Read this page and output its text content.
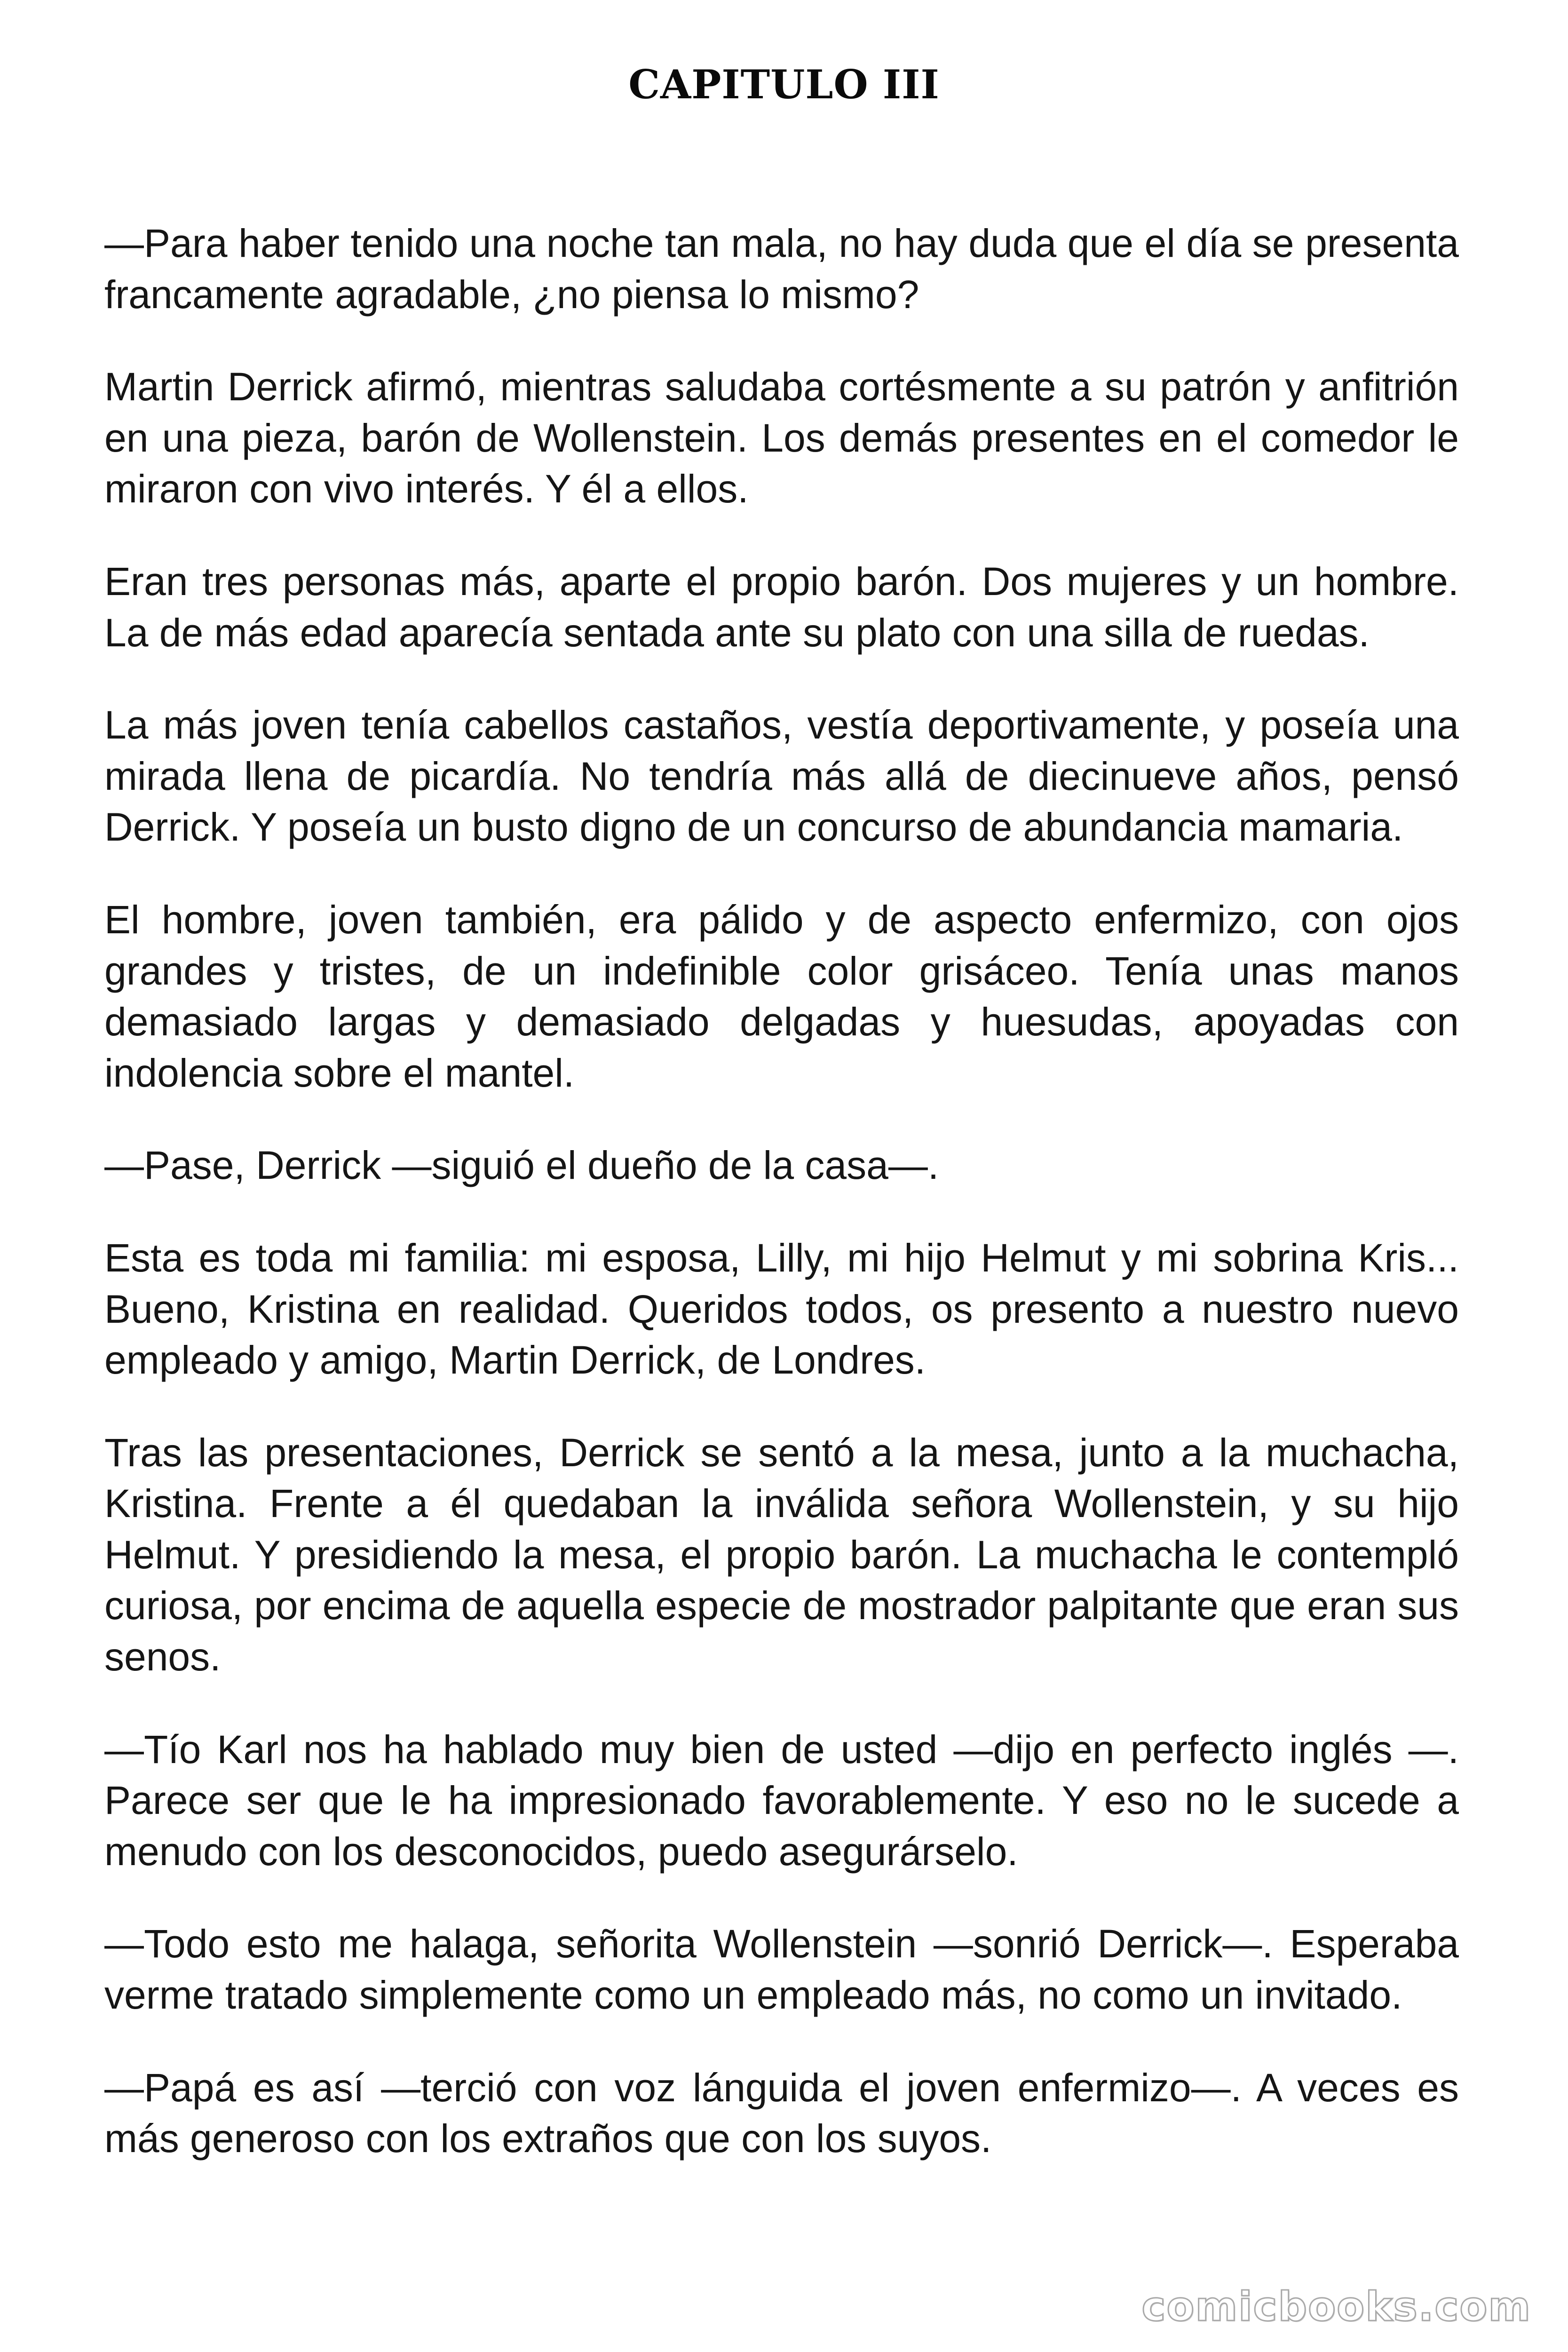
CAPITULO III

—Para haber tenido una noche tan mala, no hay duda que el día se presenta francamente agradable, ¿no piensa lo mismo?

Martin Derrick afirmó, mientras saludaba cortésmente a su patrón y anfitrión en una pieza, barón de Wollenstein. Los demás presentes en el comedor le miraron con vivo interés. Y él a ellos.

Eran tres personas más, aparte el propio barón. Dos mujeres y un hombre. La de más edad aparecía sentada ante su plato con una silla de ruedas.

La más joven tenía cabellos castaños, vestía deportivamente, y poseía una mirada llena de picardía. No tendría más allá de diecinueve años, pensó Derrick. Y poseía un busto digno de un concurso de abundancia mamaria.

El hombre, joven también, era pálido y de aspecto enfermizo, con ojos grandes y tristes, de un indefinible color grisáceo. Tenía unas manos demasiado largas y demasiado delgadas y huesudas, apoyadas con indolencia sobre el mantel.

—Pase, Derrick —siguió el dueño de la casa—.

Esta es toda mi familia: mi esposa, Lilly, mi hijo Helmut y mi sobrina Kris... Bueno, Kristina en realidad. Queridos todos, os presento a nuestro nuevo empleado y amigo, Martin Derrick, de Londres.

Tras las presentaciones, Derrick se sentó a la mesa, junto a la muchacha, Kristina. Frente a él quedaban la inválida señora Wollenstein, y su hijo Helmut. Y presidiendo la mesa, el propio barón. La muchacha le contempló curiosa, por encima de aquella especie de mostrador palpitante que eran sus senos.

—Tío Karl nos ha hablado muy bien de usted —dijo en perfecto inglés —. Parece ser que le ha impresionado favorablemente. Y eso no le sucede a menudo con los desconocidos, puedo asegurárselo.

—Todo esto me halaga, señorita Wollenstein —sonrió Derrick—. Esperaba verme tratado simplemente como un empleado más, no como un invitado.

—Papá es así —terció con voz lánguida el joven enfermizo—. A veces es más generoso con los extraños que con los suyos.

comicbooks.com
